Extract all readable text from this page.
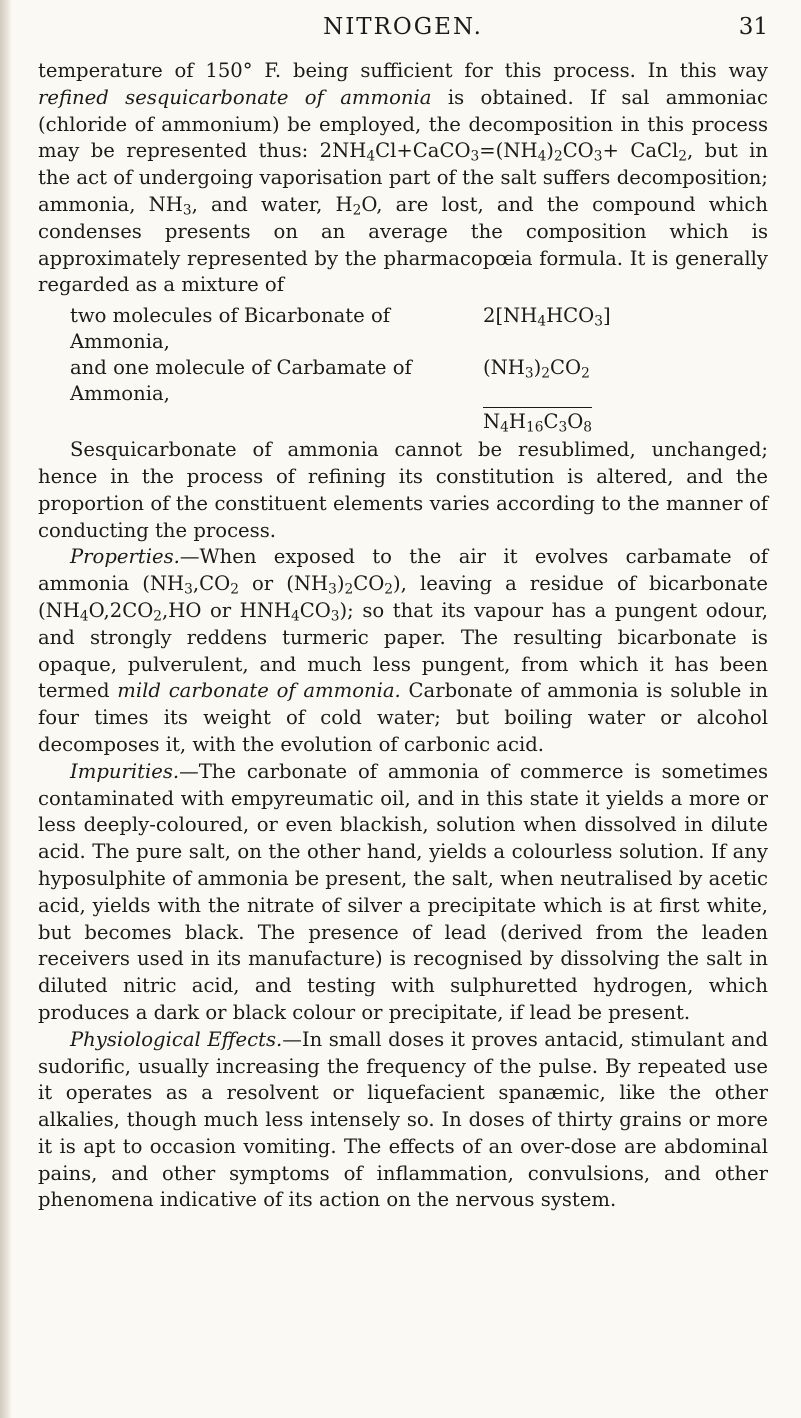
NITROGEN.	31

temperature of 150° F. being sufficient for this process. In this way refined sesquicarbonate of ammonia is obtained. If sal ammoniac (chloride of ammonium) be employed, the decomposition in this process may be represented thus: $2NH_4Cl+CaCO_3=(NH_4)_2CO_3+$ CaCl$_2$, but in the act of undergoing vaporisation part of the salt suffers decomposition; ammonia, $NH_3$, and water, $H_2O$, are lost, and the compound which condenses presents on an average the composition which is approximately represented by the pharmacopœia formula. It is generally regarded as a mixture of

two molecules of Bicarbonate of Ammonia,
$2[NH_4HCO_3]$
and one molecule of Carbamate of Ammonia,
$(NH_3)_2CO_2$
$N_4H_{16}C_3O_8$

Sesquicarbonate of ammonia cannot be resublimed, unchanged; hence in the process of refining its constitution is altered, and the proportion of the constituent elements varies according to the manner of conducting the process.

Properties.—When exposed to the air it evolves carbamate of ammonia ($NH_3,CO_2$ or $(NH_3)_2CO_2$), leaving a residue of bicarbonate ($NH_4O,2CO_2,HO$ or $HNH_4CO_3$); so that its vapour has a pungent odour, and strongly reddens turmeric paper. The resulting bicarbonate is opaque, pulverulent, and much less pungent, from which it has been termed mild carbonate of ammonia. Carbonate of ammonia is soluble in four times its weight of cold water; but boiling water or alcohol decomposes it, with the evolution of carbonic acid.

Impurities.—The carbonate of ammonia of commerce is sometimes contaminated with empyreumatic oil, and in this state it yields a more or less deeply-coloured, or even blackish, solution when dissolved in dilute acid. The pure salt, on the other hand, yields a colourless solution. If any hyposulphite of ammonia be present, the salt, when neutralised by acetic acid, yields with the nitrate of silver a precipitate which is at first white, but becomes black. The presence of lead (derived from the leaden receivers used in its manufacture) is recognised by dissolving the salt in diluted nitric acid, and testing with sulphuretted hydrogen, which produces a dark or black colour or precipitate, if lead be present.

Physiological Effects.—In small doses it proves antacid, stimulant and sudorific, usually increasing the frequency of the pulse. By repeated use it operates as a resolvent or liquefacient spanæmic, like the other alkalies, though much less intensely so. In doses of thirty grains or more it is apt to occasion vomiting. The effects of an over-dose are abdominal pains, and other symptoms of inflammation, convulsions, and other phenomena indicative of its action on the nervous system.
